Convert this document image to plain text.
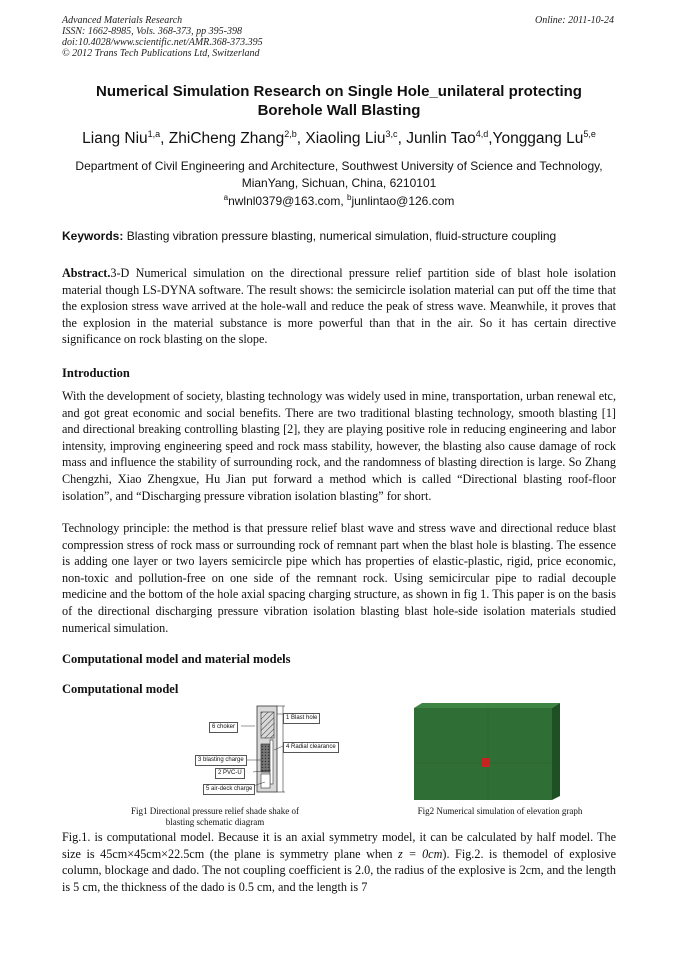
Advanced Materials Research
ISSN: 1662-8985, Vols. 368-373, pp 395-398
doi:10.4028/www.scientific.net/AMR.368-373.395
© 2012 Trans Tech Publications Ltd, Switzerland
Online: 2011-10-24
Numerical Simulation Research on Single Hole_unilateral protecting
Borehole Wall Blasting
Liang Niu$^{1,a}$, ZhiCheng Zhang$^{2,b}$, Xiaoling Liu$^{3,c}$, Junlin Tao$^{4,d}$,Yonggang Lu$^{5,e}$
Department of Civil Engineering and Architecture, Southwest University of Science and Technology,
MianYang, Sichuan, China, 6210101
$^a$nwlnl0379@163.com, $^b$junlintao@126.com
Keywords: Blasting vibration pressure blasting, numerical simulation, fluid-structure coupling
Abstract.3-D Numerical simulation on the directional pressure relief partition side of blast hole isolation material though LS-DYNA software. The result shows: the semicircle isolation material can put off the time that the explosion stress wave arrived at the hole-wall and reduce the peak of stress wave. Meanwhile, it proves that the explosion in the material substance is more powerful than that in the air. So it has certain directive significance on rock blasting on the slope.
Introduction
With the development of society, blasting technology was widely used in mine, transportation, urban renewal etc, and got great economic and social benefits. There are two traditional blasting technology, smooth blasting [1] and directional breaking controlling blasting [2], they are playing positive role in reducing engineering and labor intensity, improving engineering speed and rock mass stability, however, the blasting also cause damage of rock mass and influence the stability of surrounding rock, and the randomness of blasting direction is large. So Zhang Chengzhi, Xiao Zhengxue, Hu Jian put forward a method which is called “Directional blasting roof-floor isolation”, and “Discharging pressure vibration isolation blasting” for short.
Technology principle: the method is that pressure relief blast wave and stress wave and directional reduce blast compression stress of rock mass or surrounding rock of remnant part when the blast hole is blasting. The essence is adding one layer or two layers semicircle pipe which has properties of elastic-plastic, rigid, price economic, non-toxic and pollution-free on one side of the remnant rock. Using semicircular pipe to radial decouple medicine and the bottom of the hole axial spacing charging structure, as shown in fig 1. This paper is on the basis of the directional discharging pressure vibration isolation blasting blast hole-side isolation materials studied numerical simulation.
Computational model and material models
Computational model
1 Blast hole
6 choker
4 Radial clearance
3 blasting charge
2 PVC-U
5 air-deck charge
Fig1 Directional pressure relief shade shake of
blasting schematic diagram
Fig2 Numerical simulation of elevation graph
Fig.1. is computational model. Because it is an axial symmetry model, it can be calculated by half model. The size is 45cm×45cm×22.5cm (the plane is symmetry plane when z = 0cm). Fig.2. is themodel of explosive column, blockage and dado. The not coupling coefficient is 2.0, the radius of the explosive is 2cm, and the length is 5 cm, the thickness of the dado is 0.5 cm, and the length is 7
